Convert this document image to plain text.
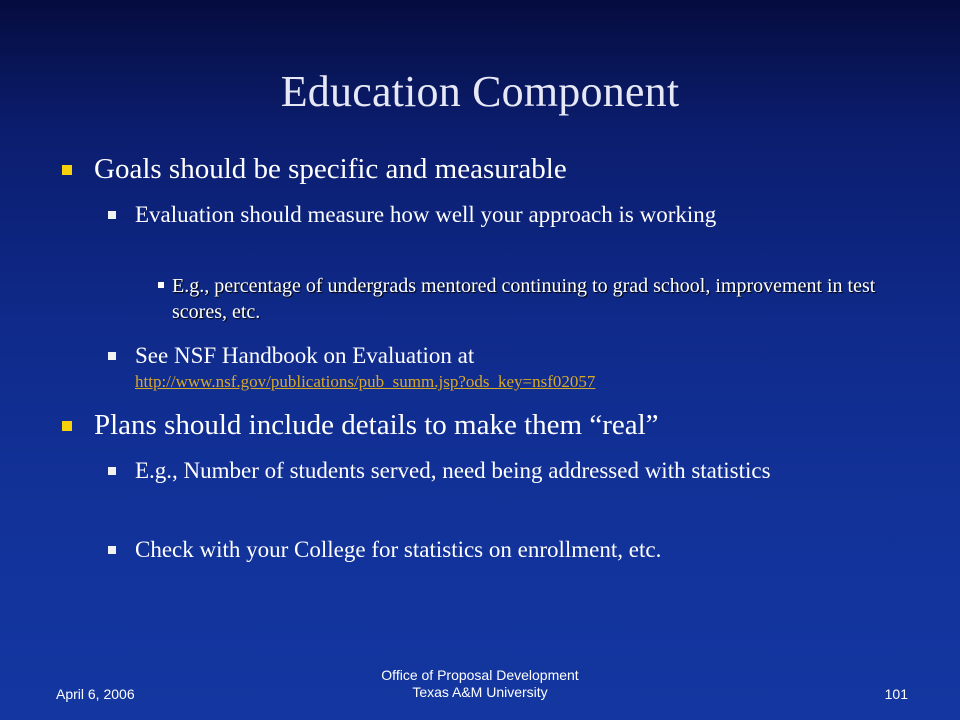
Education Component
Goals should be specific and measurable
Evaluation should measure how well your approach is working
E.g., percentage of undergrads mentored continuing to grad school, improvement in test scores, etc.
See NSF Handbook on Evaluation at
http://www.nsf.gov/publications/pub_summ.jsp?ods_key=nsf02057
Plans should include details to make them “real”
E.g., Number of students served, need being addressed with statistics
Check with your College for statistics on enrollment, etc.
April 6, 2006
Office of Proposal Development
Texas A&M University	101
